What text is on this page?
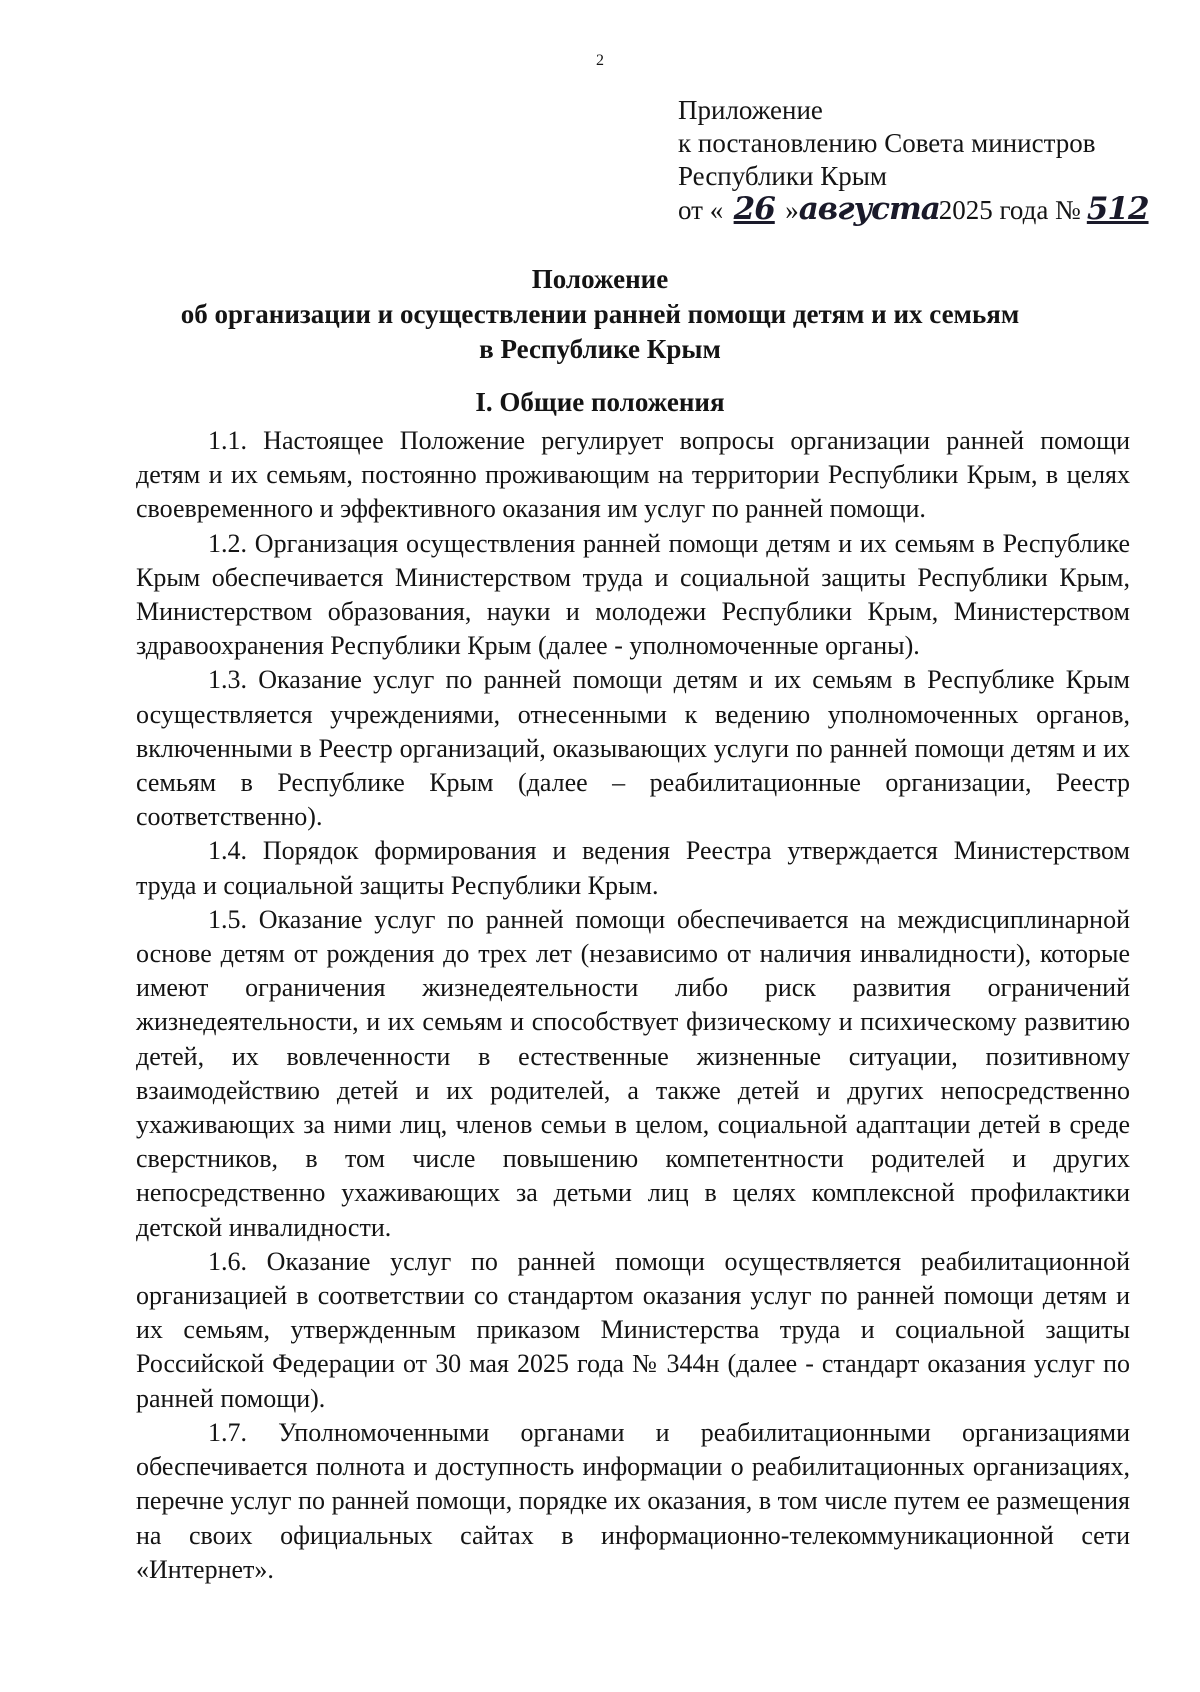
2
Приложение
к постановлению Совета министров
Республики Крым
от « 26 » августа
2025 года № 512
Положение
об организации и осуществлении ранней помощи детям и их семьям
в Республике Крым
I. Общие положения

1.1. Настоящее Положение регулирует вопросы организации ранней помощи детям и их семьям, постоянно проживающим на территории Республики Крым, в целях своевременного и эффективного оказания им услуг по ранней помощи.

1.2. Организация осуществления ранней помощи детям и их семьям в Республике Крым обеспечивается Министерством труда и социальной защиты Республики Крым, Министерством образования, науки и молодежи Республики Крым, Министерством здравоохранения Республики Крым (далее - уполномоченные органы).

1.3. Оказание услуг по ранней помощи детям и их семьям в Республике Крым осуществляется учреждениями, отнесенными к ведению уполномоченных органов, включенными в Реестр организаций, оказывающих услуги по ранней помощи детям и их семьям в Республике Крым (далее – реабилитационные организации, Реестр соответственно).

1.4. Порядок формирования и ведения Реестра утверждается Министерством труда и социальной защиты Республики Крым.

1.5. Оказание услуг по ранней помощи обеспечивается на междисциплинарной основе детям от рождения до трех лет (независимо от наличия инвалидности), которые имеют ограничения жизнедеятельности либо риск развития ограничений жизнедеятельности, и их семьям и способствует физическому и психическому развитию детей, их вовлеченности в естественные жизненные ситуации, позитивному взаимодействию детей и их родителей, а также детей и других непосредственно ухаживающих за ними лиц, членов семьи в целом, социальной адаптации детей в среде сверстников, в том числе повышению компетентности родителей и других непосредственно ухаживающих за детьми лиц в целях комплексной профилактики детской инвалидности.

1.6. Оказание услуг по ранней помощи осуществляется реабилитационной организацией в соответствии со стандартом оказания услуг по ранней помощи детям и их семьям, утвержденным приказом Министерства труда и социальной защиты Российской Федерации от 30 мая 2025 года № 344н (далее - стандарт оказания услуг по ранней помощи).

1.7. Уполномоченными органами и реабилитационными организациями обеспечивается полнота и доступность информации о реабилитационных организациях, перечне услуг по ранней помощи, порядке их оказания, в том числе путем ее размещения на своих официальных сайтах в информационно-телекоммуникационной сети «Интернет».
